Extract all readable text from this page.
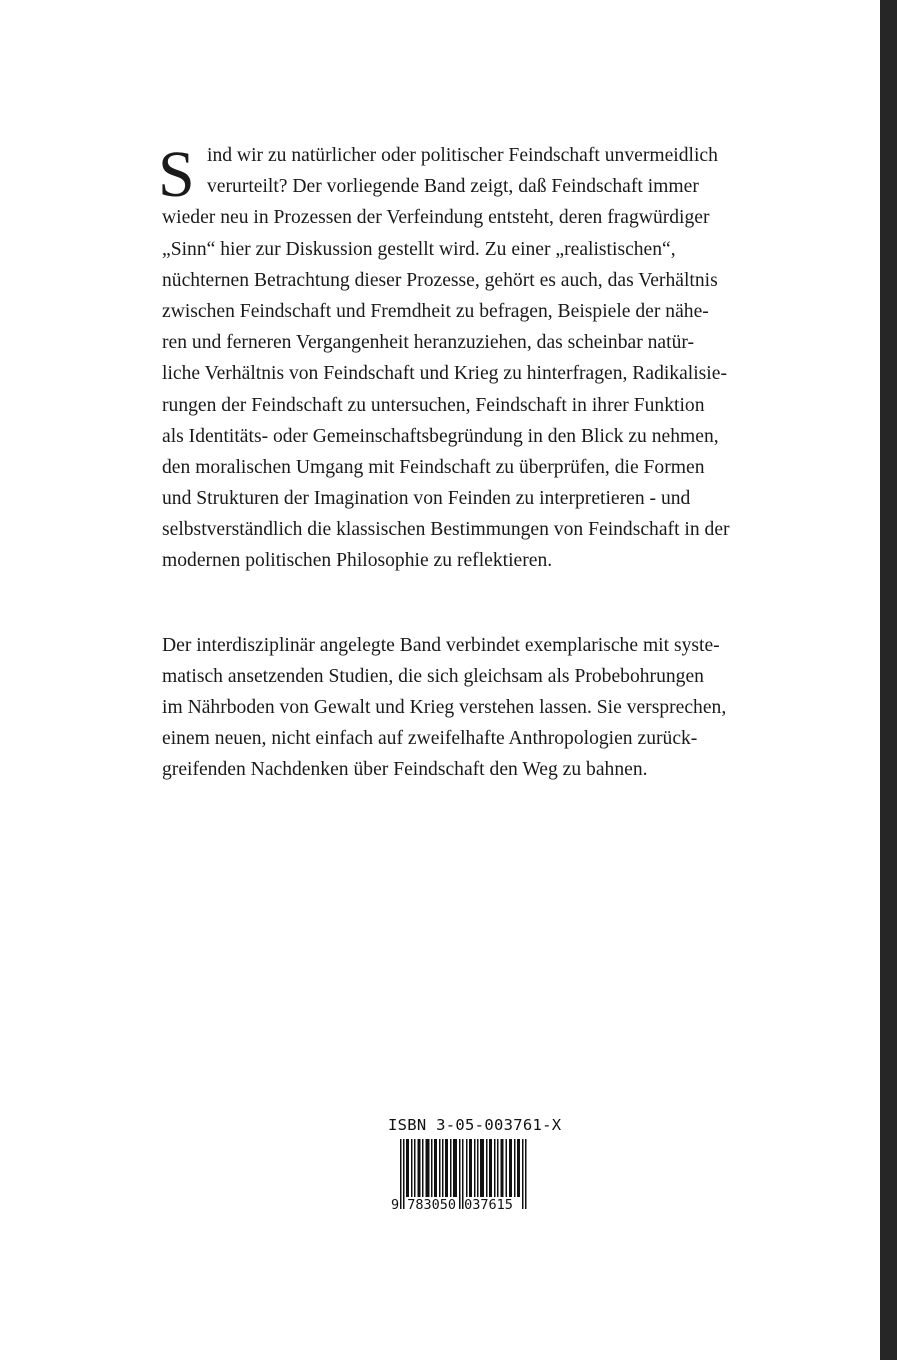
S ind wir zu natürlicher oder politischer Feindschaft unvermeidlich
verurteilt? Der vorliegende Band zeigt, daß Feindschaft immer
wieder neu in Prozessen der Verfeindung entsteht, deren fragwürdiger
„Sinn“ hier zur Diskussion gestellt wird. Zu einer „realistischen“,
nüchternen Betrachtung dieser Prozesse, gehört es auch, das Verhältnis
zwischen Feindschaft und Fremdheit zu befragen, Beispiele der nähe-
ren und ferneren Vergangenheit heranzuziehen, das scheinbar natür-
liche Verhältnis von Feindschaft und Krieg zu hinterfragen, Radikalisie-
rungen der Feindschaft zu untersuchen, Feindschaft in ihrer Funktion
als Identitäts- oder Gemeinschaftsbegründung in den Blick zu nehmen,
den moralischen Umgang mit Feindschaft zu überprüfen, die Formen
und Strukturen der Imagination von Feinden zu interpretieren - und
selbstverständlich die klassischen Bestimmungen von Feindschaft in der
modernen politischen Philosophie zu reflektieren.
Der interdisziplinär angelegte Band verbindet exemplarische mit syste-
matisch ansetzenden Studien, die sich gleichsam als Probebohrungen
im Nährboden von Gewalt und Krieg verstehen lassen. Sie versprechen,
einem neuen, nicht einfach auf zweifelhafte Anthropologien zurück-
greifenden Nachdenken über Feindschaft den Weg zu bahnen.
ISBN 3-05-003761-X
9 783050 037615
